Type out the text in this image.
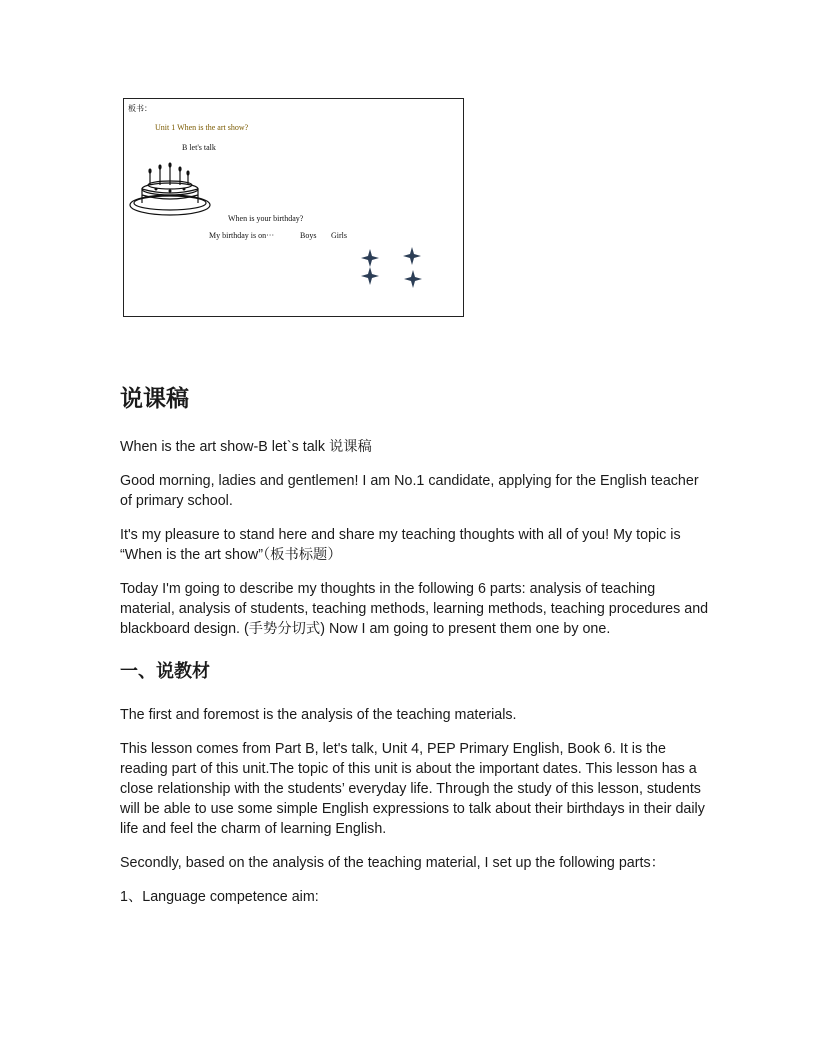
板书：
Unit 1 When is the art show?
B let's talk
When is your birthday?
My birthday is on···	Boys Girls
说课稿

When is the art show-B let`s talk 说课稿

Good morning, ladies and gentlemen! I am No.1 candidate, applying for the English teacher of primary school.

It's my pleasure to stand here and share my teaching thoughts with all of you! My topic is “When is the art show”（板书标题）

Today I'm going to describe my thoughts in the following 6 parts: analysis of teaching material, analysis of students, teaching methods, learning methods, teaching procedures and blackboard design. (手势分切式) Now I am going to present them one by one.

一、说教材

The first and foremost is the analysis of the teaching materials.

This lesson comes from Part B, let's talk, Unit 4, PEP Primary English, Book 6. It is the reading part of this unit.The topic of this unit is about the important dates. This lesson has a close relationship with the students’ everyday life. Through the study of this lesson, students will be able to use some simple English expressions to talk about their birthdays in their daily life and feel the charm of learning English.

Secondly, based on the analysis of the teaching material, I set up the following parts：

1、Language competence aim:
